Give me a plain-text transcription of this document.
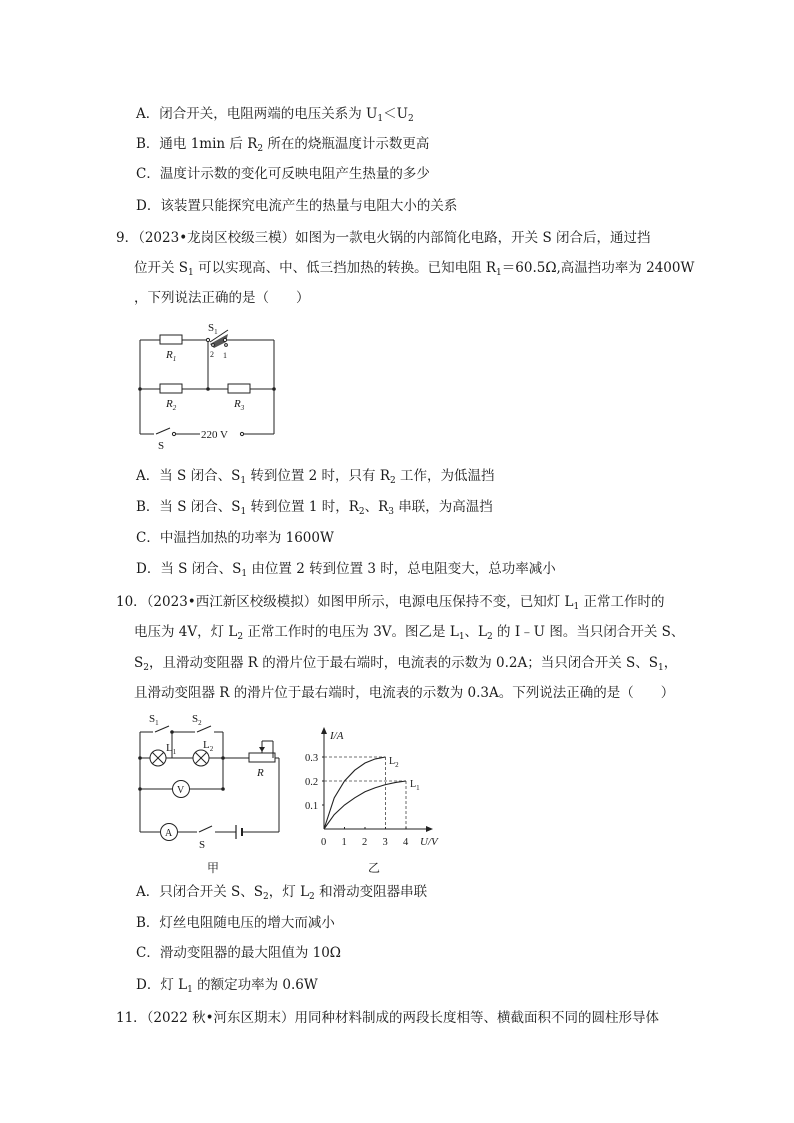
A．闭合开关，电阻两端的电压关系为 $U_1<U_2$
B．通电 1min 后 $R_2$ 所在的烧瓶温度计示数更高
C．温度计示数的变化可反映电阻产生热量的多少
D．该装置只能探究电流产生的热量与电阻大小的关系
9．（2023•龙岗区校级三模）如图为一款电火锅的内部简化电路，开关 S 闭合后，通过挡
位开关 $S_1$ 可以实现高、中、低三挡加热的转换。已知电阻 $R_1=60.5\Omega$,高温挡功率为 2400W
，下列说法正确的是（　　）
$R_1$
$R_2$	$R_3$
$S_1$
2 1
S
220 V
A．当 S 闭合、$S_1$ 转到位置 2 时，只有 $R_2$ 工作，为低温挡
B．当 S 闭合、$S_1$ 转到位置 1 时，$R_2$、$R_3$ 串联，为高温挡
C．中温挡加热的功率为 1600W
D．当 S 闭合、$S_1$ 由位置 2 转到位置 3 时，总电阻变大，总功率减小
10．（2023•西江新区校级模拟）如图甲所示，电源电压保持不变，已知灯 $L_1$ 正常工作时的
电压为 4V，灯 $L_2$ 正常工作时的电压为 3V。图乙是 $L_1$、$L_2$ 的 I﹣U 图。当只闭合开关 S、
$S_2$，且滑动变阻器 R 的滑片位于最右端时，电流表的示数为 0.2A；当只闭合开关 S、$S_1$，
且滑动变阻器 R 的滑片位于最右端时，电流表的示数为 0.3A。下列说法正确的是（　　）
V
A
$S_1$	$S_2$
$L_1$
$L_2$
R
S
甲
0.3
0.2
0.1
0 1 2 3 4
I/A
U/V
$L_2$
$L_1$
乙
A．只闭合开关 S、$S_2$，灯 $L_2$ 和滑动变阻器串联
B．灯丝电阻随电压的增大而减小
C．滑动变阻器的最大阻值为 10Ω
D．灯 $L_1$ 的额定功率为 0.6W
11．（2022 秋•河东区期末）用同种材料制成的两段长度相等、横截面积不同的圆柱形导体
